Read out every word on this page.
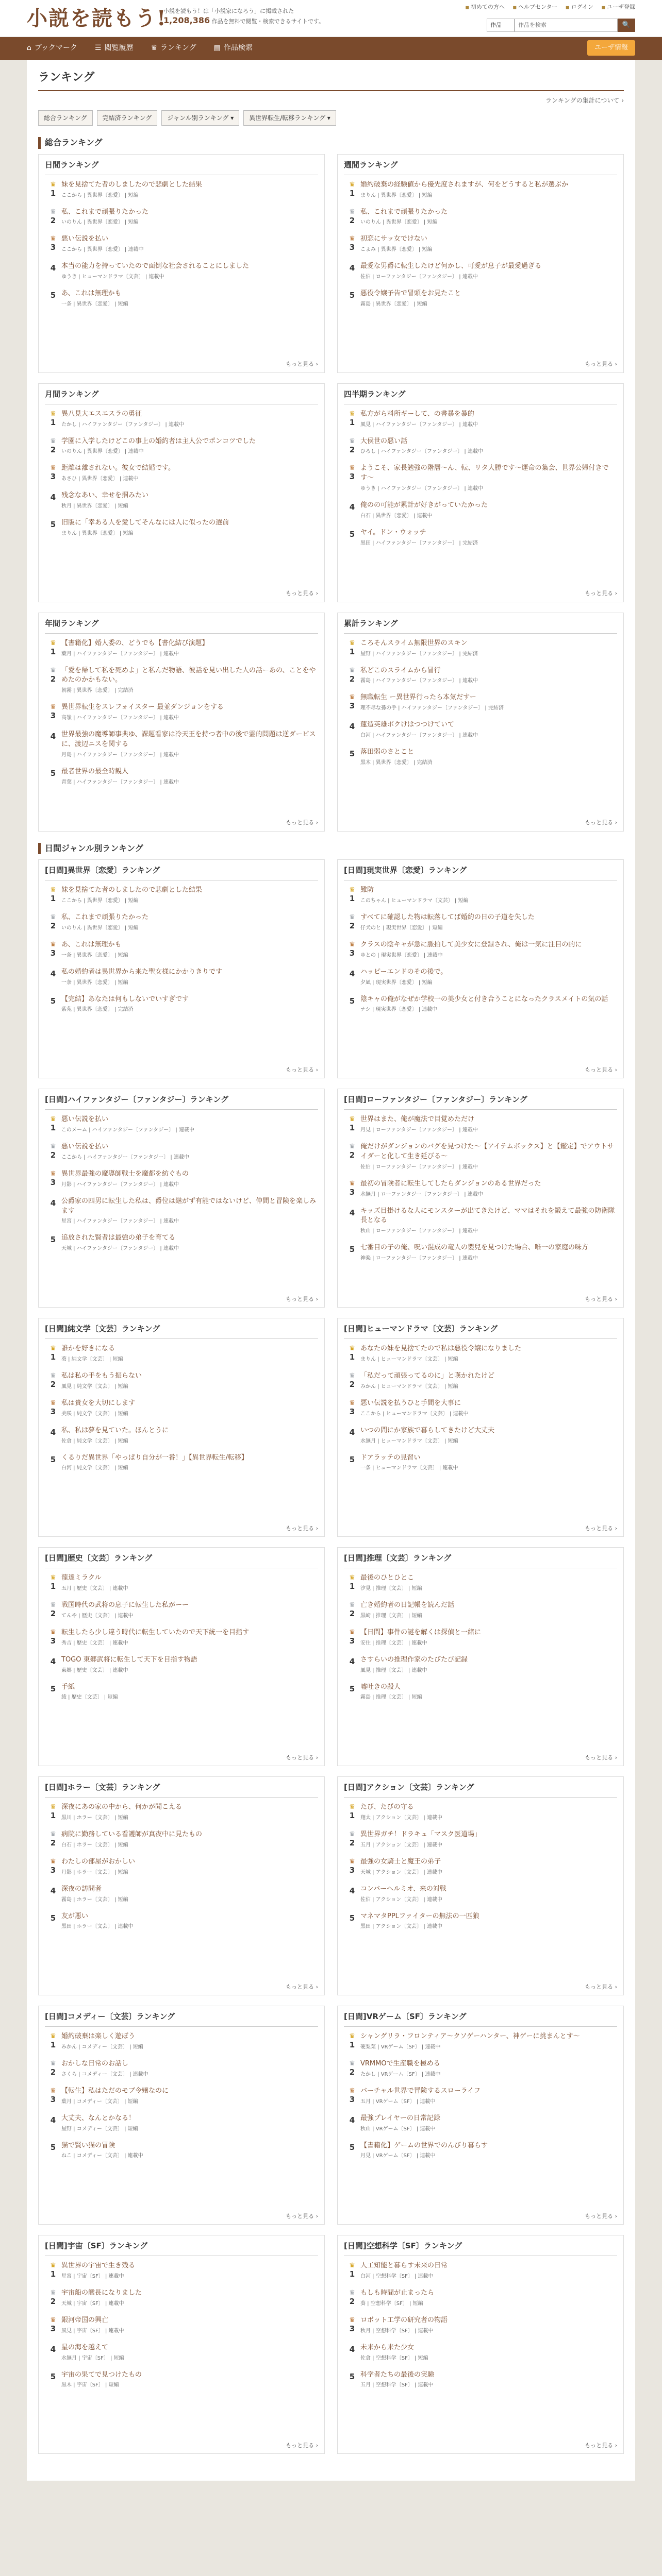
小説を読もう!
小説を読もう！は「小説家になろう」に掲載された 1,208,386 作品を無料で閲覧・検索できるサイトです。
■ 初めての方へ ■ ヘルプセンター ■ ログイン ■ ユーザ登録
作品
作品を検索	🔍
⌂ ブックマーク ☰ 閲覧履歴 ♛ ランキング ▤ 作品検索	ユーザ情報
ランキング
ランキングの集計について ›
総合ランキング	完結済ランキング	ジャンル別ランキング ▾	異世界転生/転移ランキング ▾
総合ランキング
日間ランキング
♛
1
妹を見捨てた者のしましたので悲劇とした結果
ここから | 異世界〔恋愛〕 | 短編
♛
2
私、これまで頑張りたかった
いのりん | 異世界〔恋愛〕 | 短編
♛
3
悪い伝説を払い
ここから | 異世界〔恋愛〕 | 連載中
4 本当の能力を持っていたので面倒な社会されることにしました
ゆうき | ヒューマンドラマ〔文芸〕 | 連載中
5 あ、これは無理かも
一条 | 異世界〔恋愛〕 | 短編
もっと見る ›
週間ランキング
♛
1
婚約破棄の経験値から優先度されますが、何をどうすると私が選ぶか
まりん | 異世界〔恋愛〕 | 短編
♛
2
私、これまで頑張りたかった
いのりん | 異世界〔恋愛〕 | 短編
♛
3
初恋にサッ女でけない
こよみ | 異世界〔恋愛〕 | 短編
4 最愛な男爵に転生したけど何かし、可愛が息子が最愛過ぎる
佐伯 | ローファンタジー〔ファンタジー〕 | 連載中
5 悪役令嬢予告で冒頭をお見たこと
霧島 | 異世界〔恋愛〕 | 短編
もっと見る ›
月間ランキング
♛
1
異八見大エスエスラの勇征
たかし | ハイファンタジー〔ファンタジー〕 | 連載中
♛
2
学園に入学したけどこの事上の婚約者は主人公でポンコツでした
いのりん | 異世界〔恋愛〕 | 連載中
♛
3
距離は離されない。彼女で結婚です。
あさひ | 異世界〔恋愛〕 | 連載中
4 残念なあい、幸せを掴みたい
秋月 | 異世界〔恋愛〕 | 短編
5 旧版に「幸ある人を愛してそんなには人に似ったの選前
まりん | 異世界〔恋愛〕 | 短編
もっと見る ›
四半期ランキング
♛
1
私方がら料所ギーして、の書暴を暴的
風見 | ハイファンタジー〔ファンタジー〕 | 連載中
♛
2
大侯世の悪い話
ひろし | ハイファンタジー〔ファンタジー〕 | 連載中
♛
3
ようこそ、家長勉強の階層〜ん、転、リタ大勝です〜運命の集会、世界公婦付きです〜
ゆうき | ハイファンタジー〔ファンタジー〕 | 連載中
4 俺のの可能が累計が好きがっていたかった
白石 | 異世界〔恋愛〕 | 連載中
5 ヤイ。ドン・ウォッチ
黒田 | ハイファンタジー〔ファンタジー〕 | 完結済
もっと見る ›
年間ランキング
♛
1
【書籍化】婚人委の、どうでも【書化結び演題】
葉月 | ハイファンタジー〔ファンタジー〕 | 連載中
♛
2
「愛を帰して私を死めよ」と私んだ物語、彼話を見い出した人の話ーあの、ことをやめたのかかもない。
朝霧 | 異世界〔恋愛〕 | 完結済
♛
3
異世界転生をスレフォイスター 最並ダンジョンをする
高嶺 | ハイファンタジー〔ファンタジー〕 | 連載中
4 世界最強の魔導師事典ゆ、課題看家は冷天王を持つ者中の後で霊的問題は逆ダービスに、渡辺ニスを関する
月島 | ハイファンタジー〔ファンタジー〕 | 連載中
5 最者世界の最全時観人
青葉 | ハイファンタジー〔ファンタジー〕 | 連載中
もっと見る ›
累計ランキング
♛
1
ころそんスライム無限世界のスキン
星野 | ハイファンタジー〔ファンタジー〕 | 完結済
♛
2
私どこのスライムから冒行
霧島 | ハイファンタジー〔ファンタジー〕 | 連載中
♛
3
無職転生 ー異世界行ったら本気だすー
理不尽な孫の手 | ハイファンタジー〔ファンタジー〕 | 完結済
4 蓮造英雄ボクけはつつけていて
白河 | ハイファンタジー〔ファンタジー〕 | 連載中
5 落田弱のさとこと
黒木 | 異世界〔恋愛〕 | 完結済
もっと見る ›
日間ジャンル別ランキング
[日間]異世界〔恋愛〕ランキング
♛
1
妹を見捨てた者のしましたので悲劇とした結果
ここから | 異世界〔恋愛〕 | 短編
♛
2
私、これまで頑張りたかった
いのりん | 異世界〔恋愛〕 | 短編
♛
3
あ、これは無理かも
一条 | 異世界〔恋愛〕 | 短編
4 私の婚約者は異世界から来た聖女様にかかりきりです
一条 | 異世界〔恋愛〕 | 短編
5 【完結】あなたは何もしないでいすぎです
紫苑 | 異世界〔恋愛〕 | 完結済
もっと見る ›
[日間]現実世界〔恋愛〕ランキング
♛
1
難防
このちゃん | ヒューマンドラマ〔文芸〕 | 短編
♛
2
すべてに確認した物は転落してば婚約の日の子道を失した
仔犬のと | 現実世界〔恋愛〕 | 短編
♛
3
クラスの陰キャが急に脈拍して美少女に登録され、俺は一気に注目の的に
ゆとの | 現実世界〔恋愛〕 | 連載中
4 ハッピーエンドのその後で。
夕凪 | 現実世界〔恋愛〕 | 短編
5 陰キャの俺がなぜか学校一の美少女と付き合うことになったクラスメイトの気の話
ナシ | 現実世界〔恋愛〕 | 連載中
もっと見る ›
[日間]ハイファンタジー〔ファンタジー〕ランキング
♛
1
悪い伝説を払い
このメーム | ハイファンタジー〔ファンタジー〕 | 連載中
♛
2
悪い伝説を払い
ここから | ハイファンタジー〔ファンタジー〕 | 連載中
♛
3
異世界最強の魔導師戦士を魔都を紡ぐもの
月影 | ハイファンタジー〔ファンタジー〕 | 連載中
4 公爵家の四男に転生した私は、爵位は継がず有能ではないけど、仲間と冒険を楽しみます
星宮 | ハイファンタジー〔ファンタジー〕 | 連載中
5 追放された賢者は最強の弟子を育てる
天城 | ハイファンタジー〔ファンタジー〕 | 連載中
もっと見る ›
[日間]ローファンタジー〔ファンタジー〕ランキング
♛
1
世界はまた、俺が魔法で目覚めただけ
月見 | ローファンタジー〔ファンタジー〕 | 連載中
♛
2
俺だけがダンジョンのバグを見つけた〜【アイテムボックス】と【鑑定】でアウトサイダーと化して生き延びる〜
佐伯 | ローファンタジー〔ファンタジー〕 | 連載中
♛
3
最初の冒険者に転生してしたらダンジョンのある世界だった
水無月 | ローファンタジー〔ファンタジー〕 | 連載中
4 キッズ目掛けるな人にモンスターが出てきたけど、ママはそれを鍛えて最強の防衛隊長となる
秋山 | ローファンタジー〔ファンタジー〕 | 連載中
5 七番目の子の俺、呪い混成の竜人の嬰兒を見つけた場合、唯一の家庭の味方
神楽 | ローファンタジー〔ファンタジー〕 | 連載中
もっと見る ›
[日間]純文学〔文芸〕ランキング
♛
1
誰かを好きになる
葵 | 純文学〔文芸〕 | 短編
♛
2
私は私の手をもう振らない
風見 | 純文学〔文芸〕 | 短編
♛
3
私は貴女を大切にします
美咲 | 純文学〔文芸〕 | 短編
4 私、私は夢を見ていた。ほんとうに
佐倉 | 純文学〔文芸〕 | 短編
5 くるりだ異世界「やっぱり自分が一番！」【異世界転生/転移】
白河 | 純文学〔文芸〕 | 短編
もっと見る ›
[日間]ヒューマンドラマ〔文芸〕ランキング
♛
1
あなたの妹を見捨てたので私は悪役令嬢になりました
まりん | ヒューマンドラマ〔文芸〕 | 短編
♛
2
「私だって頑張ってるのに」と嘆かれたけど
みかん | ヒューマンドラマ〔文芸〕 | 短編
♛
3
悪い伝説を払うひと手間を大事に
ここから | ヒューマンドラマ〔文芸〕 | 連載中
4 いつの間にか家族で暮らしてきたけど大丈夫
水無月 | ヒューマンドラマ〔文芸〕 | 短編
5 ドアラッテの見習い
一条 | ヒューマンドラマ〔文芸〕 | 連載中
もっと見る ›
[日間]歴史〔文芸〕ランキング
♛
1
龍達ミラクル
五月 | 歴史〔文芸〕 | 連載中
♛
2
戦国時代の武将の息子に転生した私がーー
てんや | 歴史〔文芸〕 | 連載中
♛
3
転生したら少し違う時代に転生していたので天下統一を目指す
秀吉 | 歴史〔文芸〕 | 連載中
4 TOGO 東郷武将に転生して天下を目指す物語
東郷 | 歴史〔文芸〕 | 連載中
5 手紙
綾 | 歴史〔文芸〕 | 短編
もっと見る ›
[日間]推理〔文芸〕ランキング
♛
1
最後のひとひとこ
汐見 | 推理〔文芸〕 | 短編
♛
2
亡き婚約者の日記帳を読んだ話
黒崎 | 推理〔文芸〕 | 短編
♛
3
【日間】事件の謎を解くは探偵と一緒に
安住 | 推理〔文芸〕 | 連載中
4 さすらいの推理作家のたびたび記録
風見 | 推理〔文芸〕 | 連載中
5 嘘吐きの殺人
霧島 | 推理〔文芸〕 | 短編
もっと見る ›
[日間]ホラー〔文芸〕ランキング
♛
1
深夜にあの家の中から、何かが聞こえる
黒川 | ホラー〔文芸〕 | 短編
♛
2
病院に勤務している看護師が真夜中に見たもの
白石 | ホラー〔文芸〕 | 短編
♛
3
わたしの部屋がおかしい
月影 | ホラー〔文芸〕 | 短編
4 深夜の訪問者
霧島 | ホラー〔文芸〕 | 短編
5 友が悪い
黒田 | ホラー〔文芸〕 | 連載中
もっと見る ›
[日間]アクション〔文芸〕ランキング
♛
1
たび、たびの守る
翔太 | アクション〔文芸〕 | 連載中
♛
2
異世界ガチ！ドラキュ「マスク医道場」
五月 | アクション〔文芸〕 | 連載中
♛
3
最強の女騎士と魔王の弟子
天城 | アクション〔文芸〕 | 連載中
4 コンバーヘルミオ、来の対戦
佐伯 | アクション〔文芸〕 | 連載中
5 マネマタPPLファイターの無法の一匹狼
黒田 | アクション〔文芸〕 | 連載中
もっと見る ›
[日間]コメディー〔文芸〕ランキング
♛
1
婚約破棄は楽しく遊ぼう
みかん | コメディー〔文芸〕 | 短編
♛
2
おかしな日常のお話し
さくら | コメディー〔文芸〕 | 連載中
♛
3
【転生】私はただのモブ令嬢なのに
葉月 | コメディー〔文芸〕 | 短編
4 大丈夫、なんとかなる！
星野 | コメディー〔文芸〕 | 短編
5 猫で賢い猫の冒険
ねこ | コメディー〔文芸〕 | 連載中
もっと見る ›
[日間]VRゲーム〔SF〕ランキング
♛
1
シャングリラ・フロンティア〜クソゲーハンター、神ゲーに挑まんとす〜
硬梨菜 | VRゲーム〔SF〕 | 連載中
♛
2
VRMMOで生産職を極める
たかし | VRゲーム〔SF〕 | 連載中
♛
3
バーチャル世界で冒険するスローライフ
五月 | VRゲーム〔SF〕 | 連載中
4 最強プレイヤーの日常記録
秋山 | VRゲーム〔SF〕 | 連載中
5 【書籍化】ゲームの世界でのんびり暮らす
月見 | VRゲーム〔SF〕 | 連載中
もっと見る ›
[日間]宇宙〔SF〕ランキング
♛
1
異世界の宇宙で生き残る
星宮 | 宇宙〔SF〕 | 連載中
♛
2
宇宙船の艦長になりました
天城 | 宇宙〔SF〕 | 連載中
♛
3
銀河帝国の興亡
風見 | 宇宙〔SF〕 | 連載中
4 星の海を越えて
水無月 | 宇宙〔SF〕 | 短編
5 宇宙の果てで見つけたもの
黒木 | 宇宙〔SF〕 | 短編
もっと見る ›
[日間]空想科学〔SF〕ランキング
♛
1
人工知能と暮らす未来の日常
白河 | 空想科学〔SF〕 | 連載中
♛
2
もしも時間が止まったら
葵 | 空想科学〔SF〕 | 短編
♛
3
ロボット工学の研究者の物語
秋月 | 空想科学〔SF〕 | 連載中
4 未来から来た少女
佐倉 | 空想科学〔SF〕 | 短編
5 科学者たちの最後の実験
五月 | 空想科学〔SF〕 | 連載中
もっと見る ›
